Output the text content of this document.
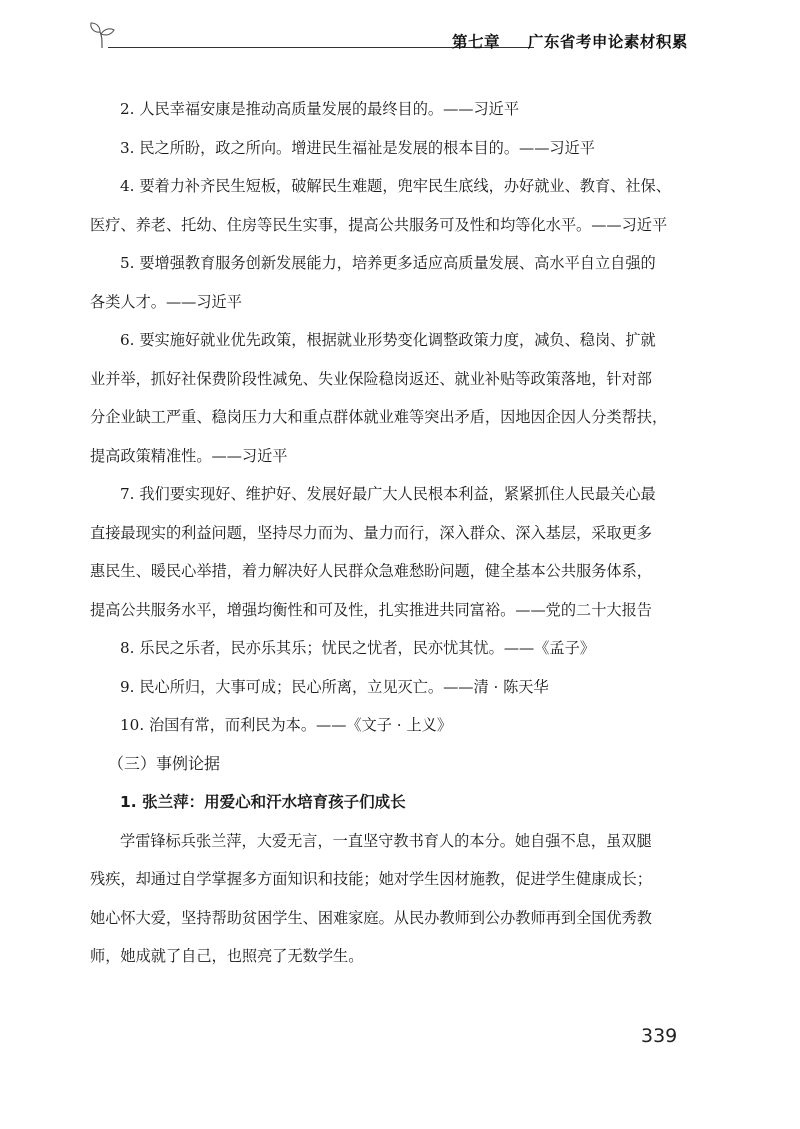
第七章 广东省考申论素材积累
2. 人民幸福安康是推动高质量发展的最终目的。——习近平
3. 民之所盼，政之所向。增进民生福祉是发展的根本目的。——习近平
4. 要着力补齐民生短板，破解民生难题，兜牢民生底线，办好就业、教育、社保、
医疗、养老、托幼、住房等民生实事，提高公共服务可及性和均等化水平。——习近平
5. 要增强教育服务创新发展能力，培养更多适应高质量发展、高水平自立自强的
各类人才。——习近平
6. 要实施好就业优先政策，根据就业形势变化调整政策力度，减负、稳岗、扩就
业并举，抓好社保费阶段性减免、失业保险稳岗返还、就业补贴等政策落地，针对部
分企业缺工严重、稳岗压力大和重点群体就业难等突出矛盾，因地因企因人分类帮扶，
提高政策精准性。——习近平
7. 我们要实现好、维护好、发展好最广大人民根本利益，紧紧抓住人民最关心最
直接最现实的利益问题，坚持尽力而为、量力而行，深入群众、深入基层，采取更多
惠民生、暖民心举措，着力解决好人民群众急难愁盼问题，健全基本公共服务体系，
提高公共服务水平，增强均衡性和可及性，扎实推进共同富裕。——党的二十大报告
8. 乐民之乐者，民亦乐其乐；忧民之忧者，民亦忧其忧。——《孟子》
9. 民心所归，大事可成；民心所离，立见灭亡。——清 · 陈天华
10. 治国有常，而利民为本。——《文子 · 上义》
（三）事例论据
1. 张兰萍：用爱心和汗水培育孩子们成长
学雷锋标兵张兰萍，大爱无言，一直坚守教书育人的本分。她自强不息，虽双腿
残疾，却通过自学掌握多方面知识和技能；她对学生因材施教，促进学生健康成长；
她心怀大爱，坚持帮助贫困学生、困难家庭。从民办教师到公办教师再到全国优秀教
师，她成就了自己，也照亮了无数学生。
339
